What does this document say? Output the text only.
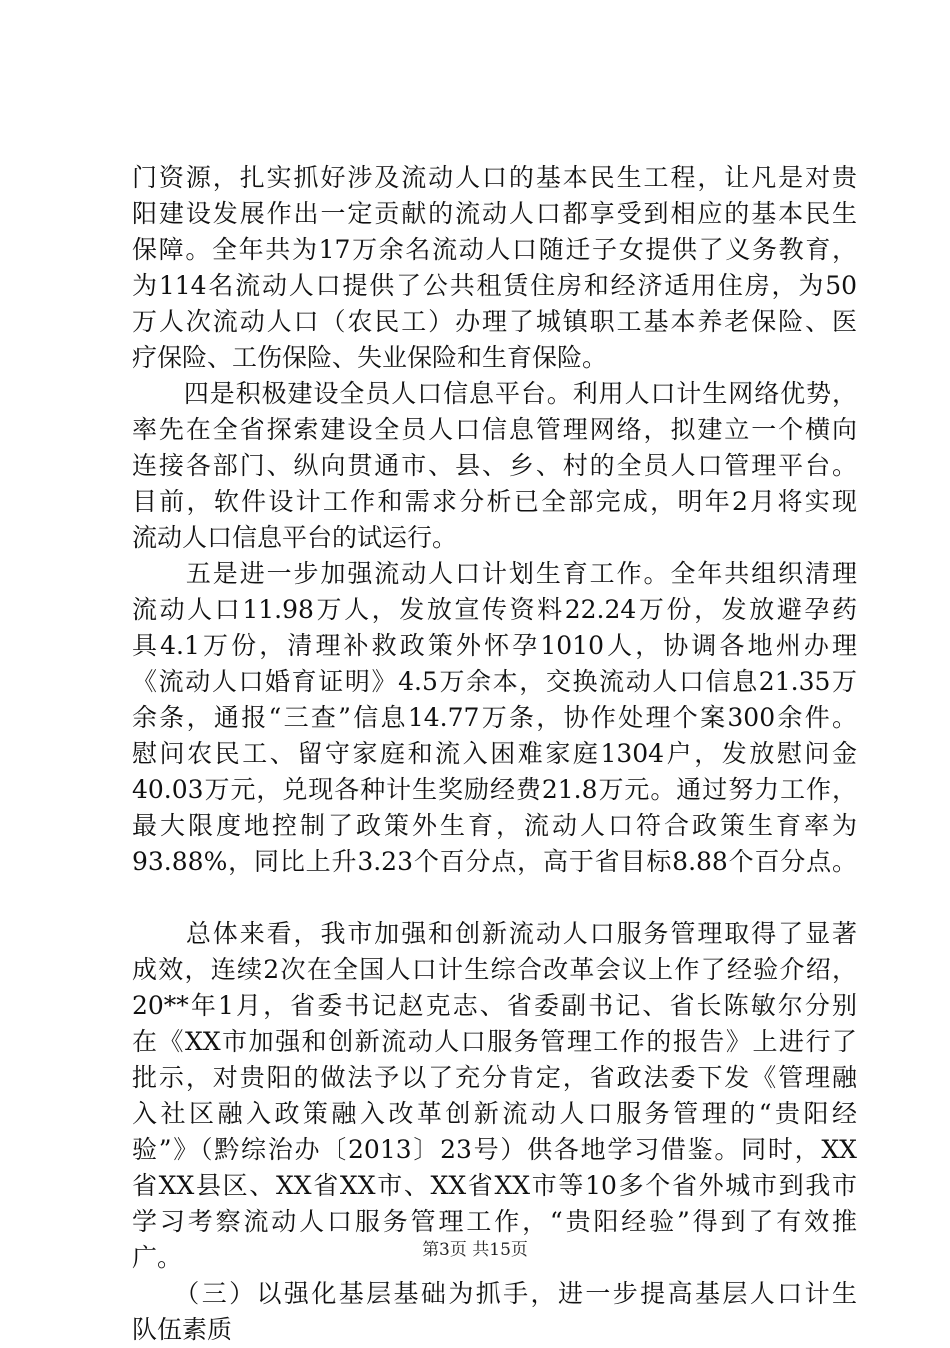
门资源，扎实抓好涉及流动人口的基本民生工程，让凡是对贵
阳建设发展作出一定贡献的流动人口都享受到相应的基本民生
保障。全年共为17万余名流动人口随迁子女提供了义务教育，
为114名流动人口提供了公共租赁住房和经济适用住房，为50
万人次流动人口（农民工）办理了城镇职工基本养老保险、医
疗保险、工伤保险、失业保险和生育保险。
　　四是积极建设全员人口信息平台。利用人口计生网络优势，
率先在全省探索建设全员人口信息管理网络，拟建立一个横向
连接各部门、纵向贯通市、县、乡、村的全员人口管理平台。
目前，软件设计工作和需求分析已全部完成，明年2月将实现
流动人口信息平台的试运行。
　　五是进一步加强流动人口计划生育工作。全年共组织清理
流动人口11.98万人，发放宣传资料22.24万份，发放避孕药
具4.1万份，清理补救政策外怀孕1010人，协调各地州办理
《流动人口婚育证明》4.5万余本，交换流动人口信息21.35万
余条，通报“三查”信息14.77万条，协作处理个案300余件。
慰问农民工、留守家庭和流入困难家庭1304户，发放慰问金
40.03万元，兑现各种计生奖励经费21.8万元。通过努力工作，
最大限度地控制了政策外生育，流动人口符合政策生育率为
93.88%，同比上升3.23个百分点，高于省目标8.88个百分点。
　　总体来看，我市加强和创新流动人口服务管理取得了显著
成效，连续2次在全国人口计生综合改革会议上作了经验介绍，
20**年1月，省委书记赵克志、省委副书记、省长陈敏尔分别
在《XX市加强和创新流动人口服务管理工作的报告》上进行了
批示，对贵阳的做法予以了充分肯定，省政法委下发《管理融
入社区融入政策融入改革创新流动人口服务管理的“贵阳经
验”》（黔综治办〔2013〕23号）供各地学习借鉴。同时，XX
省XX县区、XX省XX市、XX省XX市等10多个省外城市到我市
学习考察流动人口服务管理工作，“贵阳经验”得到了有效推
广。
　　（三）以强化基层基础为抓手，进一步提高基层人口计生
队伍素质
第3页 共15页
